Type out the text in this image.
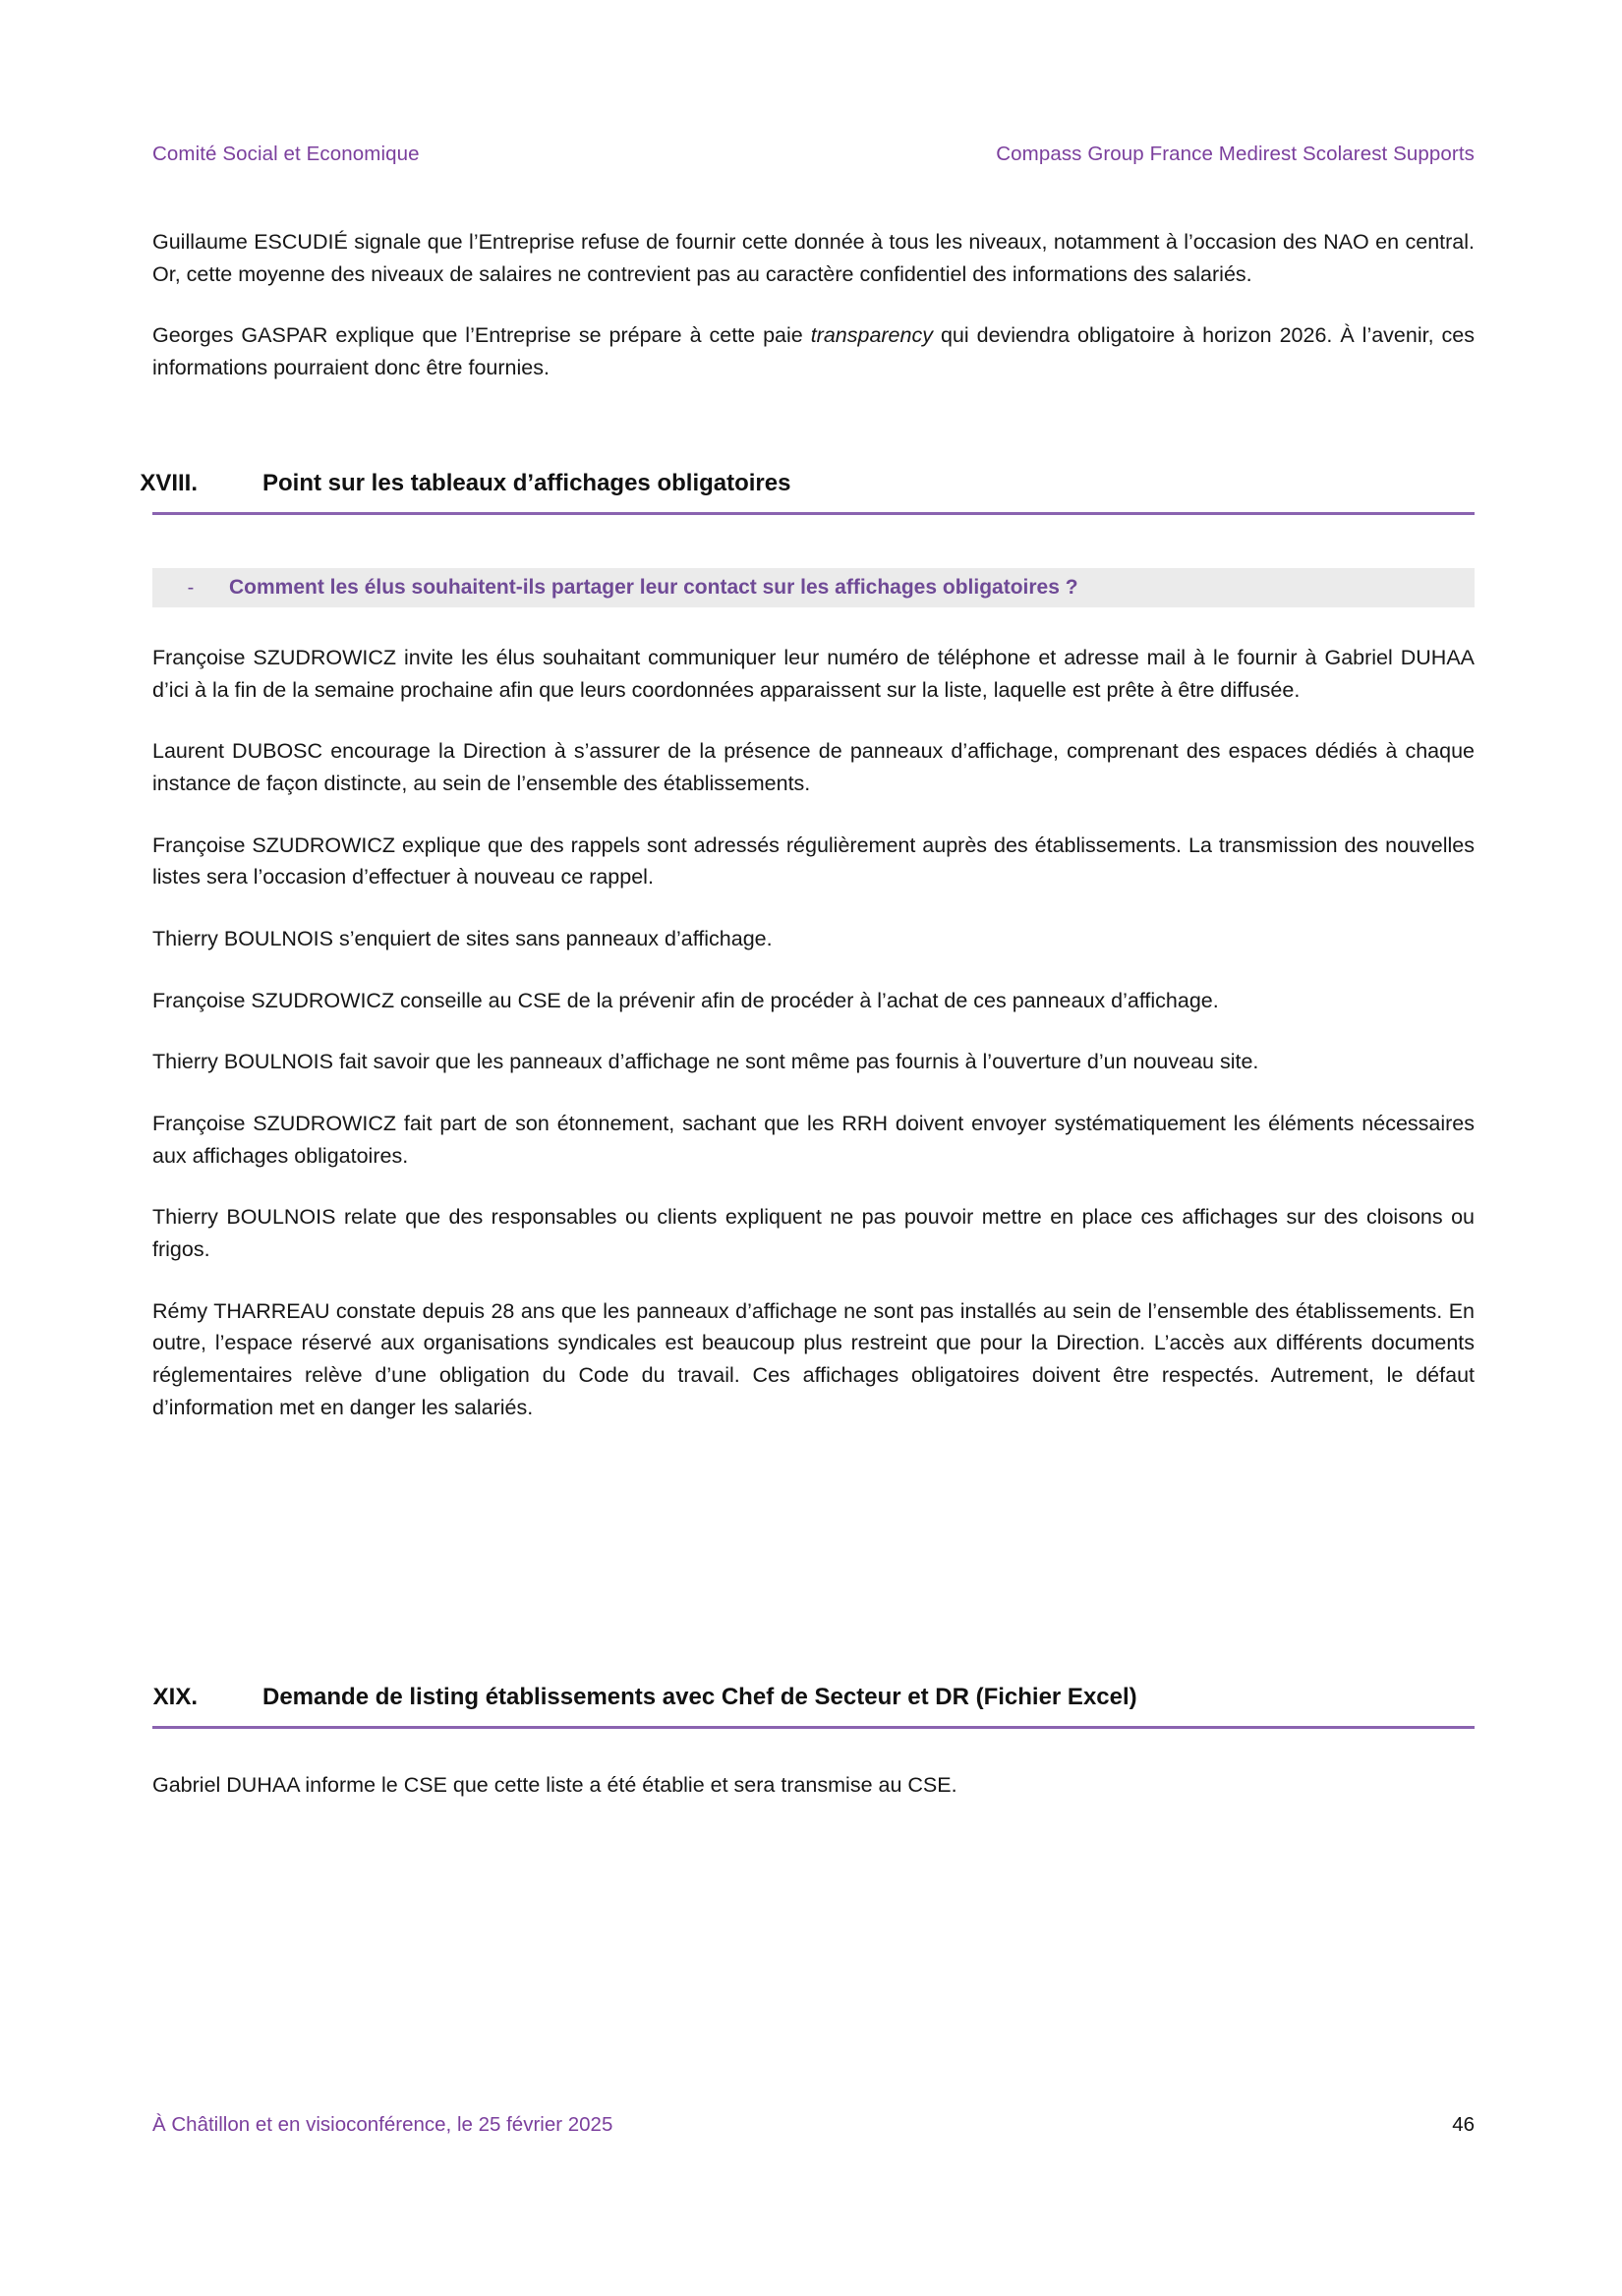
Comité Social et Economique	Compass Group France Medirest Scolarest Supports

Guillaume ESCUDIÉ signale que l’Entreprise refuse de fournir cette donnée à tous les niveaux, notamment à l’occasion des NAO en central. Or, cette moyenne des niveaux de salaires ne contrevient pas au caractère confidentiel des informations des salariés.

Georges GASPAR explique que l’Entreprise se prépare à cette paie transparency qui deviendra obligatoire à horizon 2026. À l’avenir, ces informations pourraient donc être fournies.

XVIII.	Point sur les tableaux d’affichages obligatoires
-	Comment les élus souhaitent-ils partager leur contact sur les affichages obligatoires ?

Françoise SZUDROWICZ invite les élus souhaitant communiquer leur numéro de téléphone et adresse mail à le fournir à Gabriel DUHAA d’ici à la fin de la semaine prochaine afin que leurs coordonnées apparaissent sur la liste, laquelle est prête à être diffusée.

Laurent DUBOSC encourage la Direction à s’assurer de la présence de panneaux d’affichage, comprenant des espaces dédiés à chaque instance de façon distincte, au sein de l’ensemble des établissements.

Françoise SZUDROWICZ explique que des rappels sont adressés régulièrement auprès des établissements. La transmission des nouvelles listes sera l’occasion d’effectuer à nouveau ce rappel.

Thierry BOULNOIS s’enquiert de sites sans panneaux d’affichage.

Françoise SZUDROWICZ conseille au CSE de la prévenir afin de procéder à l’achat de ces panneaux d’affichage.

Thierry BOULNOIS fait savoir que les panneaux d’affichage ne sont même pas fournis à l’ouverture d’un nouveau site.

Françoise SZUDROWICZ fait part de son étonnement, sachant que les RRH doivent envoyer systématiquement les éléments nécessaires aux affichages obligatoires.

Thierry BOULNOIS relate que des responsables ou clients expliquent ne pas pouvoir mettre en place ces affichages sur des cloisons ou frigos.

Rémy THARREAU constate depuis 28 ans que les panneaux d’affichage ne sont pas installés au sein de l’ensemble des établissements. En outre, l’espace réservé aux organisations syndicales est beaucoup plus restreint que pour la Direction. L’accès aux différents documents réglementaires relève d’une obligation du Code du travail. Ces affichages obligatoires doivent être respectés. Autrement, le défaut d’information met en danger les salariés.

XIX.	Demande de listing établissements avec Chef de Secteur et DR (Fichier Excel)

Gabriel DUHAA informe le CSE que cette liste a été établie et sera transmise au CSE.

À Châtillon et en visioconférence, le 25 février 2025	46
